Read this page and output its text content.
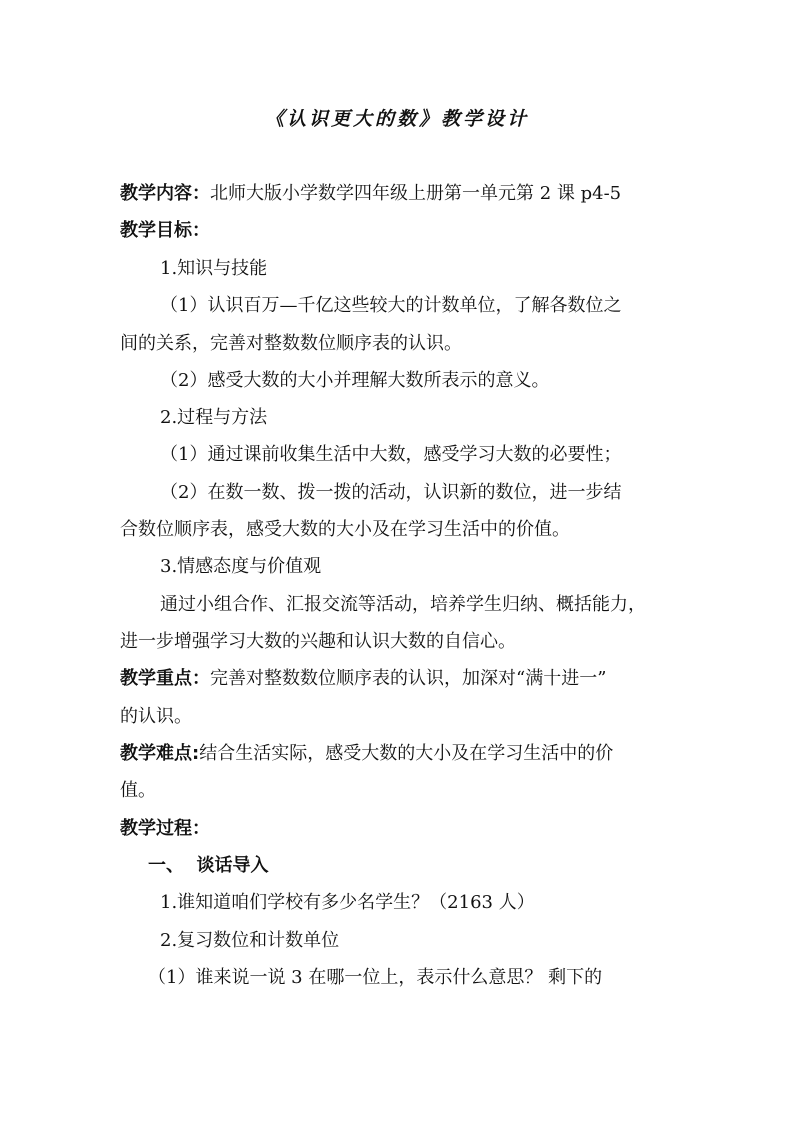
《认识更大的数》教学设计
教学内容：北师大版小学数学四年级上册第一单元第 2 课 p4-5
教学目标：
1.知识与技能
（1）认识百万—千亿这些较大的计数单位，了解各数位之
间的关系，完善对整数数位顺序表的认识。
（2）感受大数的大小并理解大数所表示的意义。
2.过程与方法
（1）通过课前收集生活中大数，感受学习大数的必要性；
（2）在数一数、拨一拨的活动，认识新的数位，进一步结
合数位顺序表，感受大数的大小及在学习生活中的价值。
3.情感态度与价值观
通过小组合作、汇报交流等活动，培养学生归纳、概括能力，
进一步增强学习大数的兴趣和认识大数的自信心。
教学重点：完善对整数数位顺序表的认识，加深对“满十进一”
的认识。
教学难点:结合生活实际，感受大数的大小及在学习生活中的价
值。
教学过程：
一、  谈话导入
1.谁知道咱们学校有多少名学生？（2163 人）
2.复习数位和计数单位
（1）谁来说一说 3 在哪一位上，表示什么意思？ 剩下的
